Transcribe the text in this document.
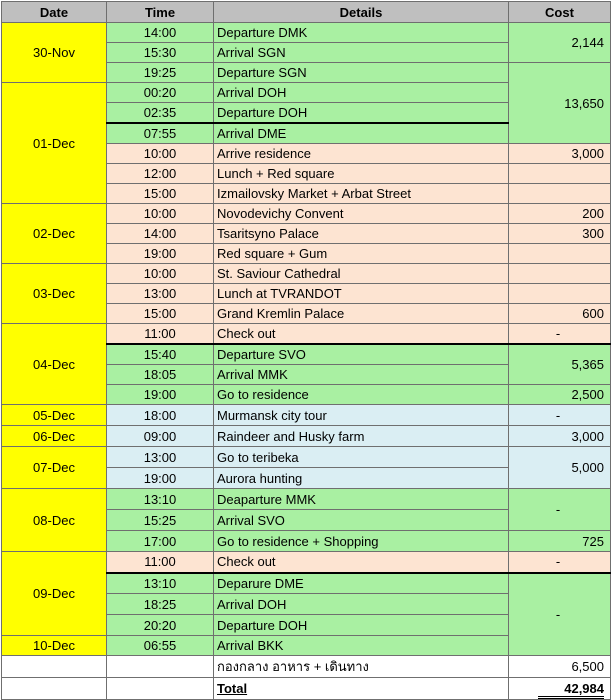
Date	Time	Details	Cost
30-Nov	14:00	Departure DMK	2,144
	15:30	Arrival SGN	
	19:25	Departure SGN	13,650
01-Dec	00:20	Arrival DOH	
	02:35	Departure DOH	
	07:55	Arrival DME	
	10:00	Arrive residence	3,000
	12:00	Lunch + Red square	
	15:00	Izmailovsky Market + Arbat Street	
02-Dec	10:00	Novodevichy Convent	200
	14:00	Tsaritsyno Palace	300
	19:00	Red square + Gum	
03-Dec	10:00	St. Saviour Cathedral	
	13:00	Lunch at TVRANDOT	
	15:00	Grand Kremlin Palace	600
04-Dec	11:00	Check out	-
	15:40	Departure SVO	5,365
	18:05	Arrival MMK	
	19:00	Go to residence	2,500
05-Dec	18:00	Murmansk city tour	-
06-Dec	09:00	Raindeer and Husky farm	3,000
07-Dec	13:00	Go to teribeka	5,000
	19:00	Aurora hunting	
08-Dec	13:10	Deaparture MMK	-
	15:25	Arrival SVO	
	17:00	Go to residence + Shopping	725
09-Dec	11:00	Check out	-
	13:10	Deparure DME	-
	18:25	Arrival DOH	
	20:20	Departure DOH	
10-Dec	06:55	Arrival BKK	
		กองกลาง อาหาร + เดินทาง	6,500
		Total	42,984
